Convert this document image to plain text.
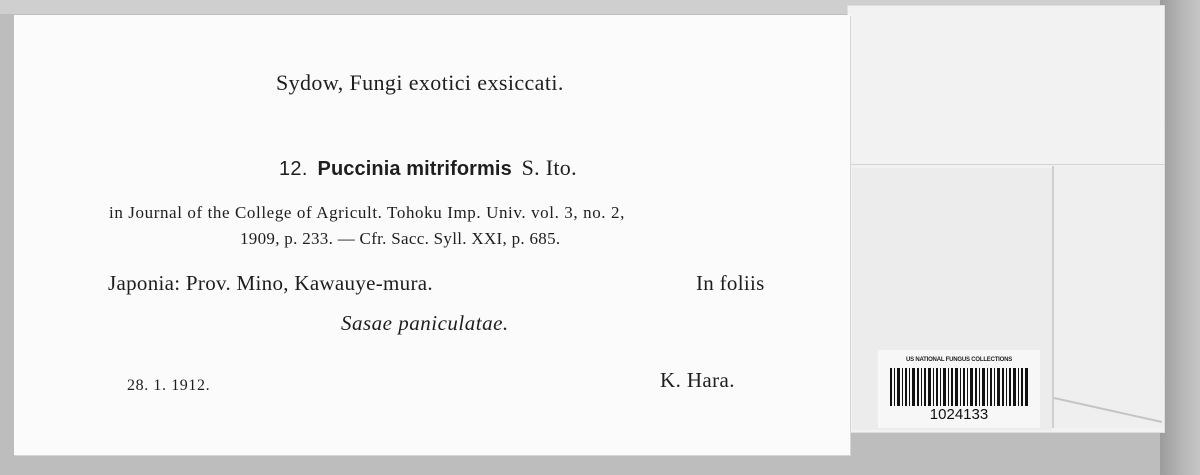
US NATIONAL FUNGUS COLLECTIONS
1024133
Sydow, Fungi exotici exsiccati.
12. Puccinia mitriformis S. Ito.
in Journal of the College of Agricult. Tohoku Imp. Univ. vol. 3, no. 2,
1909, p. 233. — Cfr. Sacc. Syll. XXI, p. 685.
Japonia: Prov. Mino, Kawauye-mura.	In foliis
Sasae paniculatae.
28. 1. 1912.	K. Hara.
